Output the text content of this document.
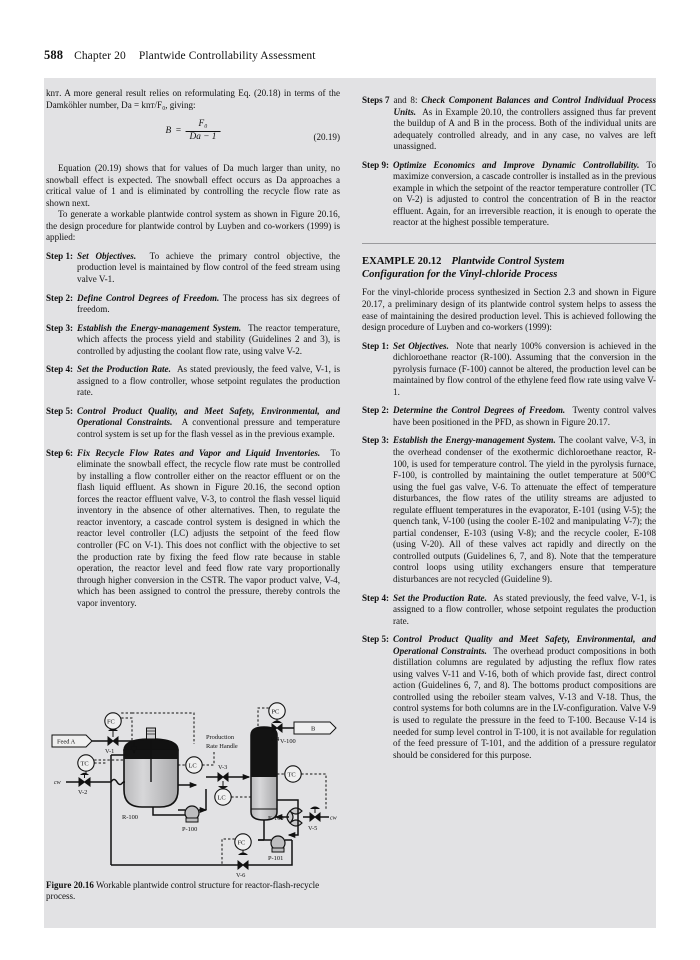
588 Chapter 20 Plantwide Controllability Assessment

knᴛ. A more general result relies on reformulating Eq. (20.18) in terms of the Damköhler number, Da = knᴛ/F₀, giving:

$B = \frac{\text{F₀}}{Da - 1}$	(20.19)

Equation (20.19) shows that for values of Da much larger than unity, no snowball effect is expected. The snowball effect occurs as Da approaches a critical value of 1 and is eliminated by controlling the recycle flow rate as shown next.

To generate a workable plantwide control system as shown in Figure 20.16, the design procedure for plantwide control by Luyben and co-workers (1999) is applied:

Step 1: Set Objectives. To achieve the primary control objective, the production level is maintained by flow control of the feed stream using valve V-1.
Step 2: Define Control Degrees of Freedom. The process has six degrees of freedom.
Step 3: Establish the Energy-management System. The reactor temperature, which affects the process yield and stability (Guidelines 2 and 3), is controlled by adjusting the coolant flow rate, using valve V-2.
Step 4: Set the Production Rate. As stated previously, the feed valve, V-1, is assigned to a flow controller, whose setpoint regulates the production rate.
Step 5: Control Product Quality, and Meet Safety, Environmental, and Operational Constraints. A conventional pressure and temperature control system is set up for the flash vessel as in the previous example.
Step 6: Fix Recycle Flow Rates and Vapor and Liquid Inventories. To eliminate the snowball effect, the recycle flow rate must be controlled by installing a flow controller either on the reactor effluent or on the flash liquid effluent. As shown in Figure 20.16, the second option forces the reactor effluent valve, V-3, to control the flash vessel liquid inventory in the absence of other alternatives. Then, to regulate the reactor inventory, a cascade control system is designed in which the reactor level controller (LC) adjusts the setpoint of the feed flow controller (FC on V-1). This does not conflict with the objective to set the production rate by fixing the feed flow rate because in stable operation, the reactor level and feed flow rate vary proportionally through higher conversion in the CSTR. The vapor product valve, V-4, which has been assigned to control the pressure, thereby controls the vapor inventory.
R-100
Feed A
V-1
FC
TC
cw
V-2
LC
Production
Rate Handle
P-100
V-3
LC
V-100
PC
V-4
B
TC
E-100
V-5
cw
P-101
FC
V-6
Figure 20.16 Workable plantwide control structure for reactor-flash-recycle process.
Steps 7 and 8: Check Component Balances and Control Individual Process Units. As in Example 20.10, the controllers assigned thus far prevent the buildup of A and B in the process. Both of the individual units are adequately controlled already, and in any case, no valves are left unassigned.
Step 9: Optimize Economics and Improve Dynamic Controllability. To maximize conversion, a cascade controller is installed as in the previous example in which the setpoint of the reactor temperature controller (TC on V-2) is adjusted to control the concentration of B in the reactor effluent. Again, for an irreversible reaction, it is enough to operate the reactor at the highest possible temperature.
EXAMPLE 20.12 Plantwide Control System
Configuration for the Vinyl-chloride Process

For the vinyl-chloride process synthesized in Section 2.3 and shown in Figure 20.17, a preliminary design of its plantwide control system helps to assess the ease of maintaining the desired production level. This is achieved following the design procedure of Luyben and co-workers (1999):

Step 1: Set Objectives. Note that nearly 100% conversion is achieved in the dichloroethane reactor (R-100). Assuming that the conversion in the pyrolysis furnace (F-100) cannot be altered, the production level can be maintained by flow control of the ethylene feed flow rate using valve V-1.
Step 2: Determine the Control Degrees of Freedom. Twenty control valves have been positioned in the PFD, as shown in Figure 20.17.
Step 3: Establish the Energy-management System. The coolant valve, V-3, in the overhead condenser of the exothermic dichloroethane reactor, R-100, is used for temperature control. The yield in the pyrolysis furnace, F-100, is controlled by maintaining the outlet temperature at 500°C using the fuel gas valve, V-6. To attenuate the effect of temperature disturbances, the flow rates of the utility streams are adjusted to regulate effluent temperatures in the evaporator, E-101 (using V-5); the quench tank, V-100 (using the cooler E-102 and manipulating V-7); the partial condenser, E-103 (using V-8); and the recycle cooler, E-108 (using V-20). All of these valves act rapidly and directly on the controlled outputs (Guidelines 6, 7, and 8). Note that the temperature control loops using utility exchangers ensure that temperature disturbances are not recycled (Guideline 9).
Step 4: Set the Production Rate. As stated previously, the feed valve, V-1, is assigned to a flow controller, whose setpoint regulates the production rate.
Step 5: Control Product Quality and Meet Safety, Environmental, and Operational Constraints. The overhead product compositions in both distillation columns are regulated by adjusting the reflux flow rates using valves V-11 and V-16, both of which provide fast, direct control action (Guidelines 6, 7, and 8). The bottoms product compositions are controlled using the reboiler steam valves, V-13 and V-18. Thus, the control systems for both columns are in the LV-configuration. Valve V-9 is used to regulate the pressure in the feed to T-100. Because V-14 is needed for sump level control in T-100, it is not available for regulation of the feed pressure of T-101, and the addition of a pressure regulator should be considered for this purpose.
